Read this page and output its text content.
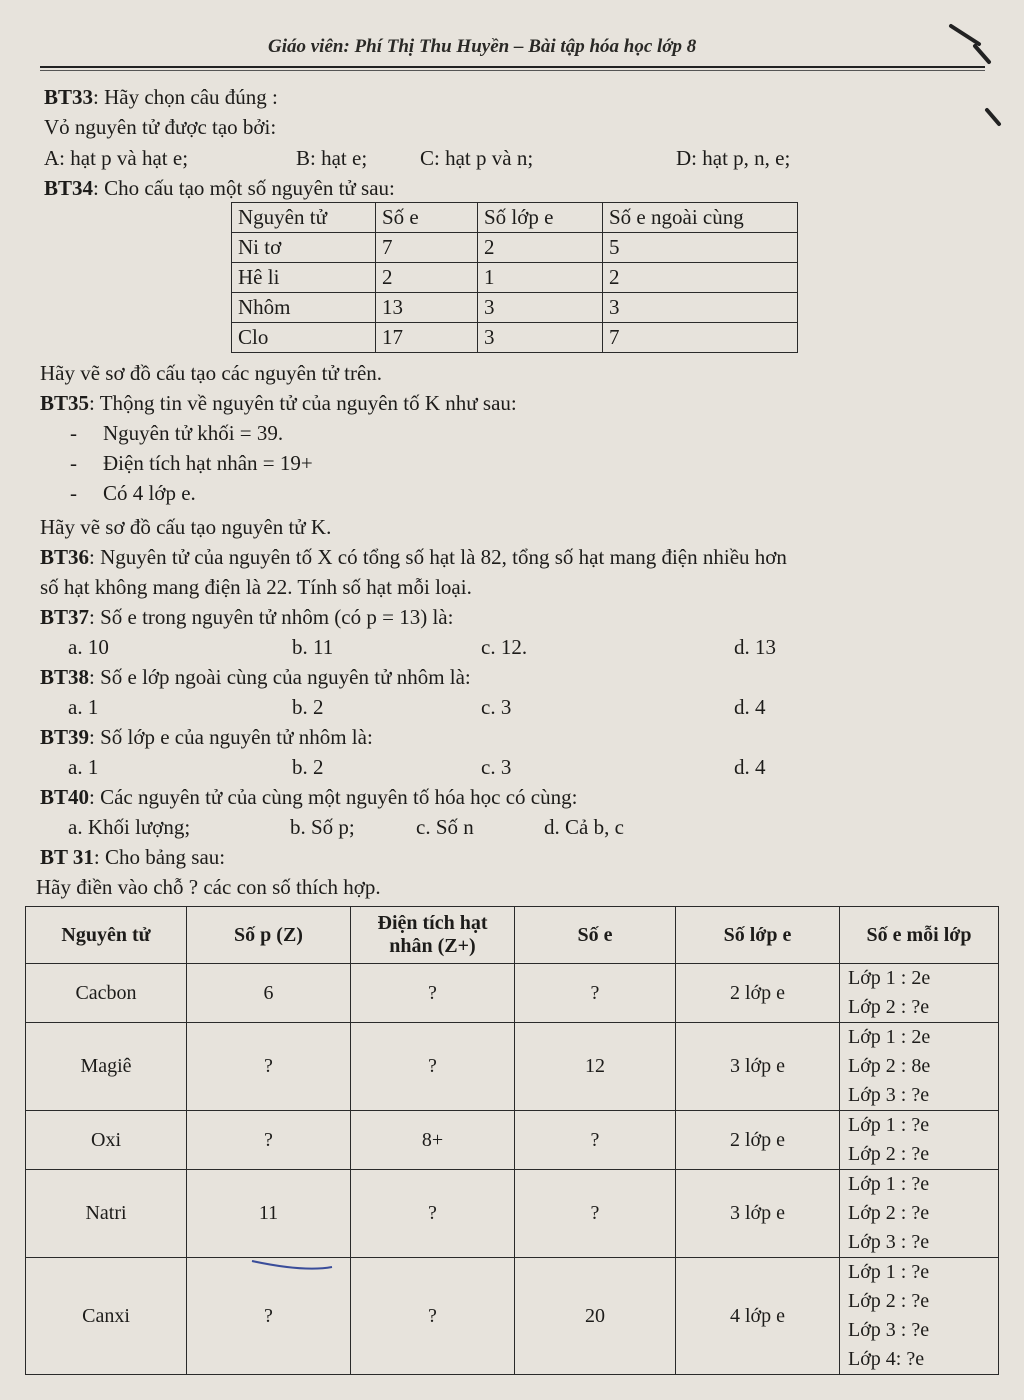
Giáo viên: Phí Thị Thu Huyền – Bài tập hóa học lớp 8
BT33: Hãy chọn câu đúng :
Vỏ nguyên tử được tạo bởi:
A: hạt p và hạt e;	B: hạt e;	C: hạt p và n;	D: hạt p, n, e;
BT34: Cho cấu tạo một số nguyên tử sau:
Nguyên tử	Số e	Số lớp e	Số e ngoài cùng
Ni tơ	7	2	5
Hê li	2	1	2
Nhôm	13	3	3
Clo	17	3	7
Hãy vẽ sơ đồ cấu tạo các nguyên tử trên.
BT35: Thộng tin về nguyên tử của nguyên tố K như sau:
- Nguyên tử khối = 39.
- Điện tích hạt nhân = 19+
- Có 4 lớp e.
Hãy vẽ sơ đồ cấu tạo nguyên tử K.
BT36: Nguyên tử của nguyên tố X có tổng số hạt là 82, tổng số hạt mang điện nhiều hơn
số hạt không mang điện là 22. Tính số hạt mỗi loại.
BT37: Số e trong nguyên tử nhôm (có p = 13) là:
a. 10	b. 11	c. 12.	d. 13
BT38: Số e lớp ngoài cùng của nguyên tử nhôm là:
a. 1	b. 2	c. 3	d. 4
BT39: Số lớp e của nguyên tử nhôm là:
a. 1	b. 2	c. 3	d. 4
BT40: Các nguyên tử của cùng một nguyên tố hóa học có cùng:
a. Khối lượng;	b. Số p;	c. Số n	d. Cả b, c
BT 31: Cho bảng sau:
Hãy điền vào chỗ ? các con số thích hợp.
Nguyên tử	Số p (Z)	Điện tích hạt
nhân (Z+)	Số e	Số lớp e	Số e mỗi lớp
Cacbon	6	?	?	2 lớp e	Lớp 1 : 2e
Lớp 2 : ?e

Magiê	?	?	12	3 lớp e	Lớp 1 : 2e
Lớp 2 : 8e
Lớp 3 : ?e

Oxi	?	8+	?	2 lớp e	Lớp 1 : ?e
Lớp 2 : ?e

Natri	11	?	?	3 lớp e	Lớp 1 : ?e
Lớp 2 : ?e
Lớp 3 : ?e

Canxi	?	?	20	4 lớp e	Lớp 1 : ?e
Lớp 2 : ?e
Lớp 3 : ?e
Lớp 4: ?e
